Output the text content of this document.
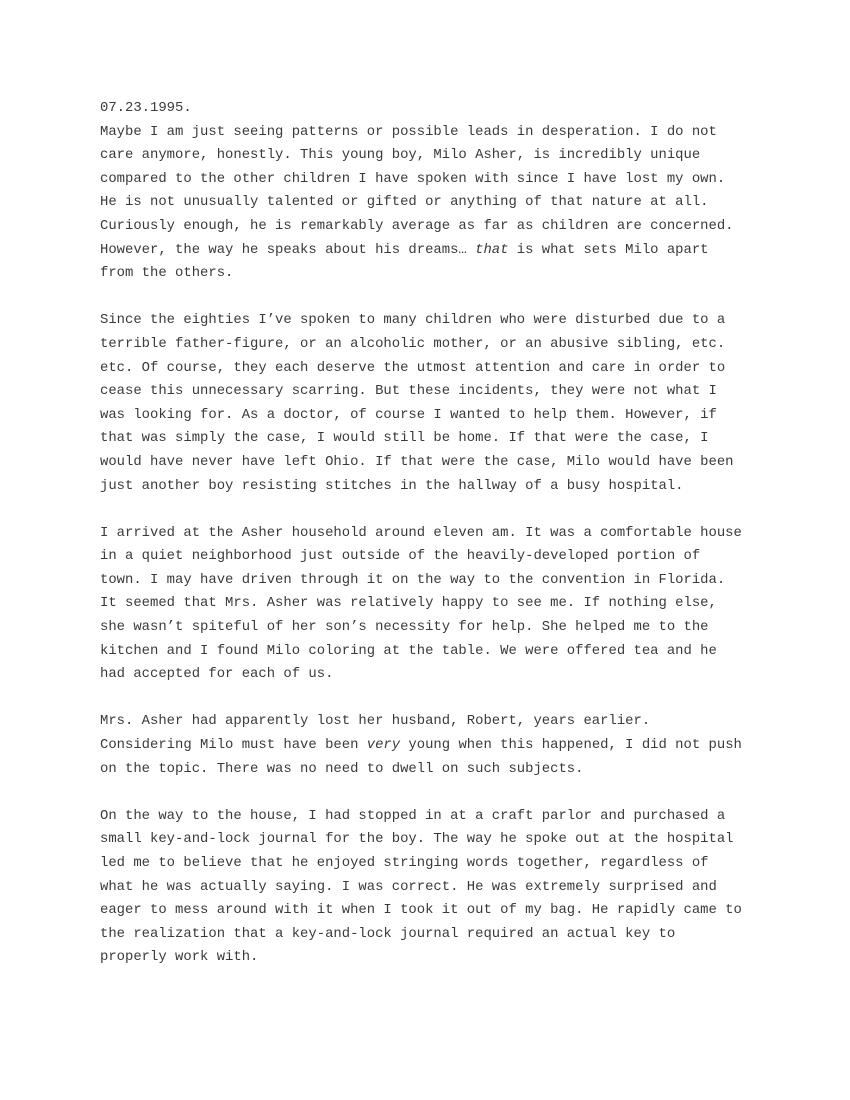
07.23.1995.
Maybe I am just seeing patterns or possible leads in desperation. I do not
care anymore, honestly. This young boy, Milo Asher, is incredibly unique
compared to the other children I have spoken with since I have lost my own.
He is not unusually talented or gifted or anything of that nature at all.
Curiously enough, he is remarkably average as far as children are concerned.
However, the way he speaks about his dreams… that is what sets Milo apart
from the others.
Since the eighties I’ve spoken to many children who were disturbed due to a
terrible father-figure, or an alcoholic mother, or an abusive sibling, etc.
etc. Of course, they each deserve the utmost attention and care in order to
cease this unnecessary scarring. But these incidents, they were not what I
was looking for. As a doctor, of course I wanted to help them. However, if
that was simply the case, I would still be home. If that were the case, I
would have never have left Ohio. If that were the case, Milo would have been
just another boy resisting stitches in the hallway of a busy hospital.
I arrived at the Asher household around eleven am. It was a comfortable house
in a quiet neighborhood just outside of the heavily-developed portion of
town. I may have driven through it on the way to the convention in Florida.
It seemed that Mrs. Asher was relatively happy to see me. If nothing else,
she wasn’t spiteful of her son’s necessity for help. She helped me to the
kitchen and I found Milo coloring at the table. We were offered tea and he
had accepted for each of us.
Mrs. Asher had apparently lost her husband, Robert, years earlier.
Considering Milo must have been very young when this happened, I did not push
on the topic. There was no need to dwell on such subjects.
On the way to the house, I had stopped in at a craft parlor and purchased a
small key-and-lock journal for the boy. The way he spoke out at the hospital
led me to believe that he enjoyed stringing words together, regardless of
what he was actually saying. I was correct. He was extremely surprised and
eager to mess around with it when I took it out of my bag. He rapidly came to
the realization that a key-and-lock journal required an actual key to
properly work with.
